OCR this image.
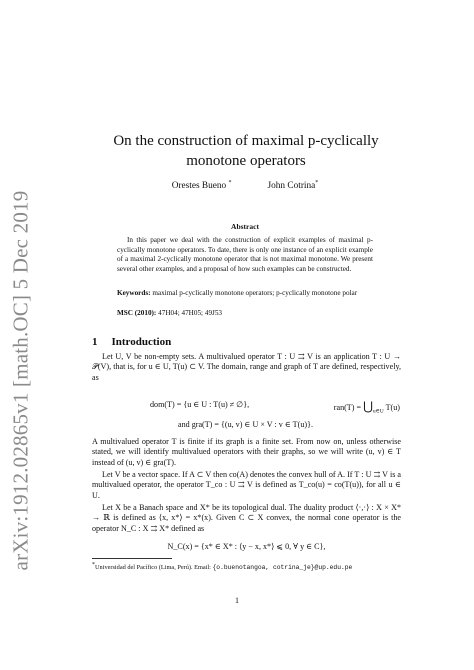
arXiv:1912.02865v1 [math.OC] 5 Dec 2019
On the construction of maximal p-cyclically
monotone operators
Orestes Bueno *	John Cotrina*
Abstract
In this paper we deal with the construction of explicit examples of maximal p-cyclically monotone operators. To date, there is only one instance of an explicit example of a maximal 2-cyclically monotone operator that is not maximal monotone. We present several other examples, and a proposal of how such examples can be constructed.
Keywords: maximal p-cyclically monotone operators; p-cyclically monotone polar
MSC (2010): 47H04; 47H05; 49J53
1 Introduction
Let U, V be non-empty sets. A multivalued operator T : U ⇉ V is an application T : U → 𝒫(V), that is, for u ∈ U, T(u) ⊂ V. The domain, range and graph of T are defined, respectively, as
dom(T) = {u ∈ U : T(u) ≠ ∅},	$ran(T) = ⋃_{u\in U}$ T(u)
and gra(T) = {(u, v) ∈ U × V : v ∈ T(u)}.
A multivalued operator T is finite if its graph is a finite set. From now on, unless otherwise stated, we will identify multivalued operators with their graphs, so we will write (u, v) ∈ T instead of (u, v) ∈ gra(T).
Let V be a vector space. If A ⊂ V then co(A) denotes the convex hull of A. If T : U ⇉ V is a multivalued operator, the operator T_co : U ⇉ V is defined as T_co(u) = co(T(u)), for all u ∈ U.
Let X be a Banach space and X* be its topological dual. The duality product ⟨·,·⟩ : X × X* → ℝ is defined as ⟨x, x*⟩ = x*(x). Given C ⊂ X convex, the normal cone operator is the operator N_C : X ⇉ X* defined as
N_C(x) = {x* ∈ X* : ⟨y − x, x*⟩ ⩽ 0, ∀ y ∈ C},
*Universidad del Pacífico (Lima, Perú). Email: {o.buenotangoa, cotrina_je}@up.edu.pe
1
